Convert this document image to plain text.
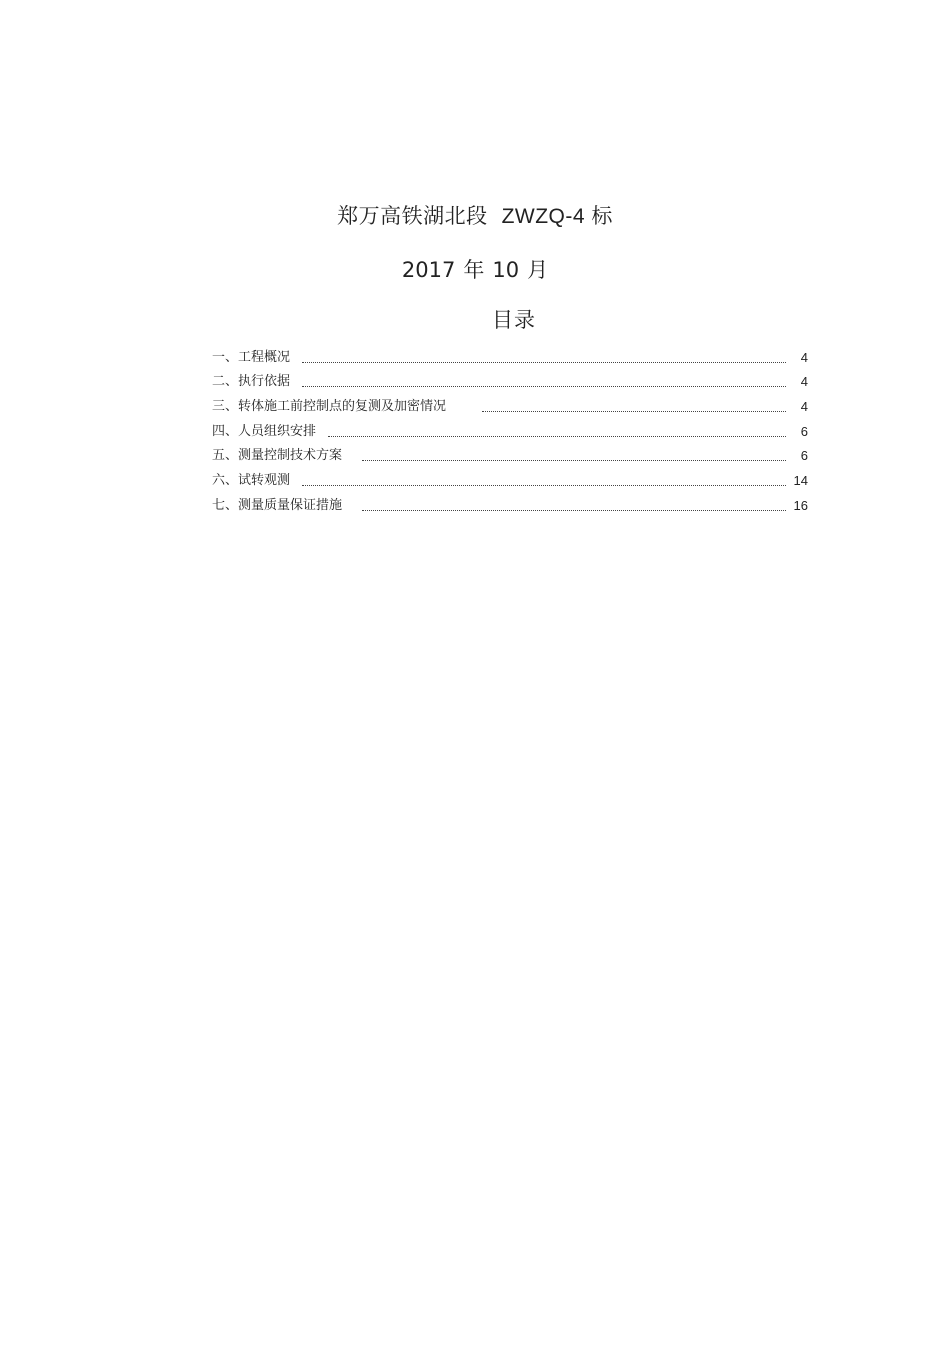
郑万高铁湖北段 ZWZQ-4 标
2017 年 10 月
目录
一、工程概况	4
二、执行依据	4
三、转体施工前控制点的复测及加密情况	4
四、人员组织安排	6
五、测量控制技术方案	6
六、试转观测	14
七、测量质量保证措施	16
